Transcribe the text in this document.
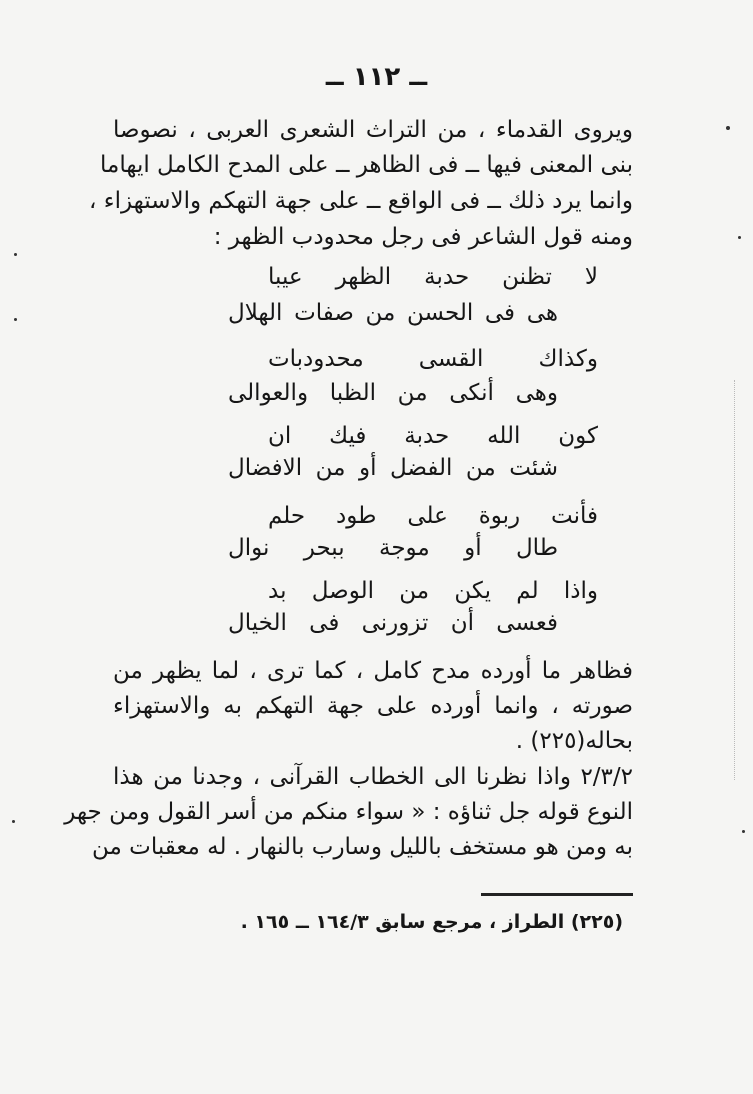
ــ ١١٢ ــ
ويروى القدماء ، من التراث الشعرى العربى ، نصوصا
بنى المعنى فيها ــ فى الظاهر ــ على المدح الكامل ايهاما
وانما يرد ذلك ــ فى الواقع ــ على جهة التهكم والاستهزاء ،
ومنه قول الشاعر فى رجل محدودب الظهر :
لا تظنن حدبة الظهر عيبا
هى فى الحسن من صفات الهلال
وكذاك القسى محدودبات
وهى أنكى من الظبا والعوالى
كون الله حدبة فيك ان
شئت من الفضل أو من الافضال
فأنت ربوة على طود حلم
طال أو موجة ببحر نوال
واذا لم يكن من الوصل بد
فعسى أن تزورنى فى الخيال
فظاهر ما أورده مدح كامل ، كما ترى ، لما يظهر من
صورته ، وانما أورده على جهة التهكم به والاستهزاء
بحاله(٢٢٥) .
٢/٣/٢ واذا نظرنا الى الخطاب القرآنى ، وجدنا من هذا
النوع قوله جل ثناؤه : « سواء منكم من أسر القول ومن جهر
به ومن هو مستخف بالليل وسارب بالنهار . له معقبات من
(٢٢٥) الطراز ، مرجع سابق ١٦٤/٣ ــ ١٦٥ .
